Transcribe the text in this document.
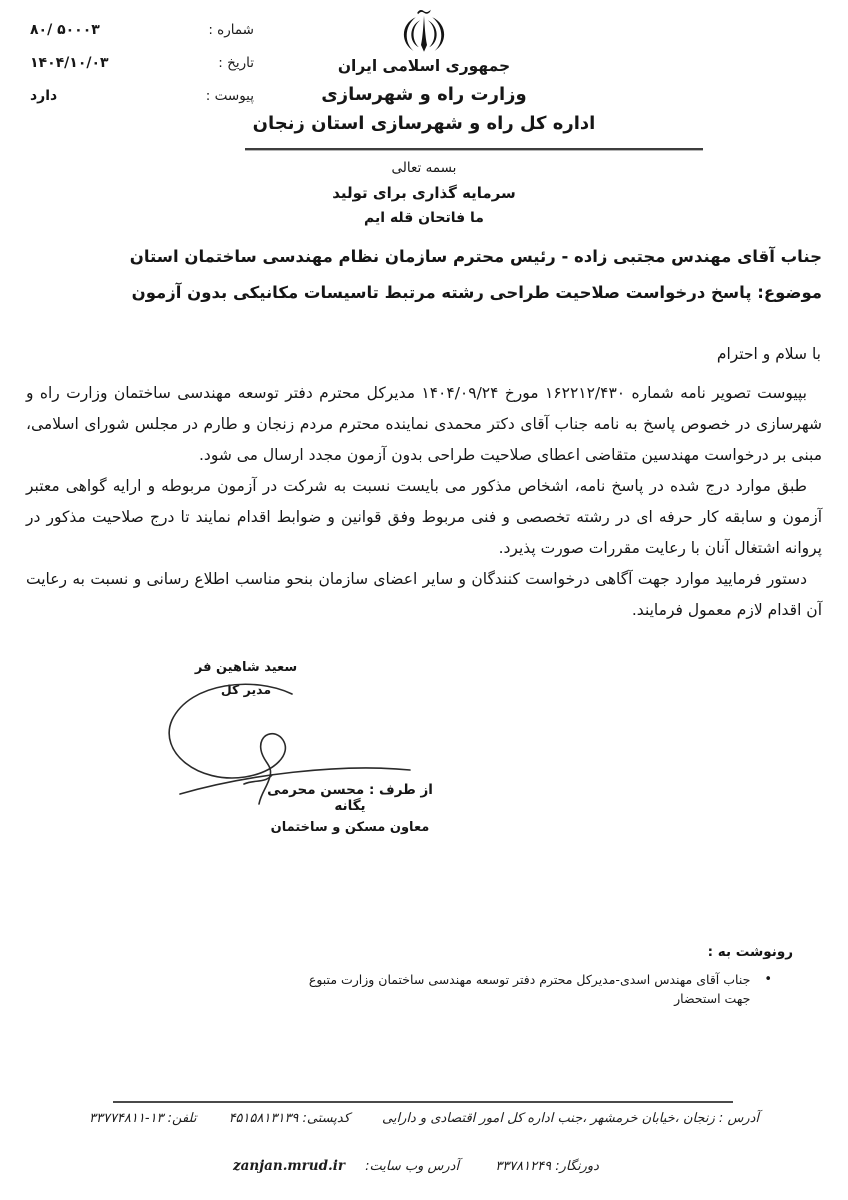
شماره :
۵۰۰۰۳ /۸۰
تاریخ :
۱۴۰۴/۱۰/۰۳
پیوست :
دارد
جمهوری اسلامی ایران
وزارت راه و شهرسازی
اداره کل راه و شهرسازی استان زنجان
بسمه تعالی
سرمایه گذاری برای تولید
ما فاتحان قله ایم
جناب آقای مهندس مجتبی زاده - رئیس محترم سازمان نظام مهندسی ساختمان استان
موضوع: پاسخ درخواست صلاحیت طراحی رشته مرتبط تاسیسات مکانیکی بدون آزمون
با سلام و احترام

بپیوست تصویر نامه شماره ۱۶۲۲۱۲/۴۳۰ مورخ ۱۴۰۴/۰۹/۲۴ مدیرکل محترم دفتر توسعه مهندسی ساختمان وزارت راه و شهرسازی در خصوص پاسخ به نامه جناب آقای دکتر محمدی نماینده محترم مردم زنجان و طارم در مجلس شورای اسلامی، مبنی بر درخواست مهندسین متقاضی اعطای صلاحیت طراحی بدون آزمون مجدد ارسال می شود.

طبق موارد درج شده در پاسخ نامه، اشخاص مذکور می بایست نسبت به شرکت در آزمون مربوطه و ارایه گواهی معتبر آزمون و سابقه کار حرفه ای در رشته تخصصی و فنی مربوط وفق قوانین و ضوابط اقدام نمایند تا درج صلاحیت مذکور در پروانه اشتغال آنان با رعایت مقررات صورت پذیرد.

دستور فرمایید موارد جهت آگاهی درخواست کنندگان و سایر اعضای سازمان بنحو مناسب اطلاع رسانی و نسبت به رعایت آن اقدام لازم معمول فرمایند.

سعید شاهین فر
مدیر کل
از طرف : محسن محرمی یگانه
معاون مسکن و ساختمان
رونوشت به :
•
جناب آقای مهندس اسدی-مدیرکل محترم دفتر توسعه مهندسی ساختمان وزارت متبوع جهت استحضار
آدرس : زنجان ،خیابان خرمشهر ،جنب اداره کل امور اقتصادی و دارایی کدپستی: ۴۵۱۵۸۱۳۱۳۹ تلفن: ۱۳-۳۳۷۷۴۸۱۱
دورنگار: ۳۳۷۸۱۲۴۹ آدرس وب سایت: zanjan.mrud.ir
